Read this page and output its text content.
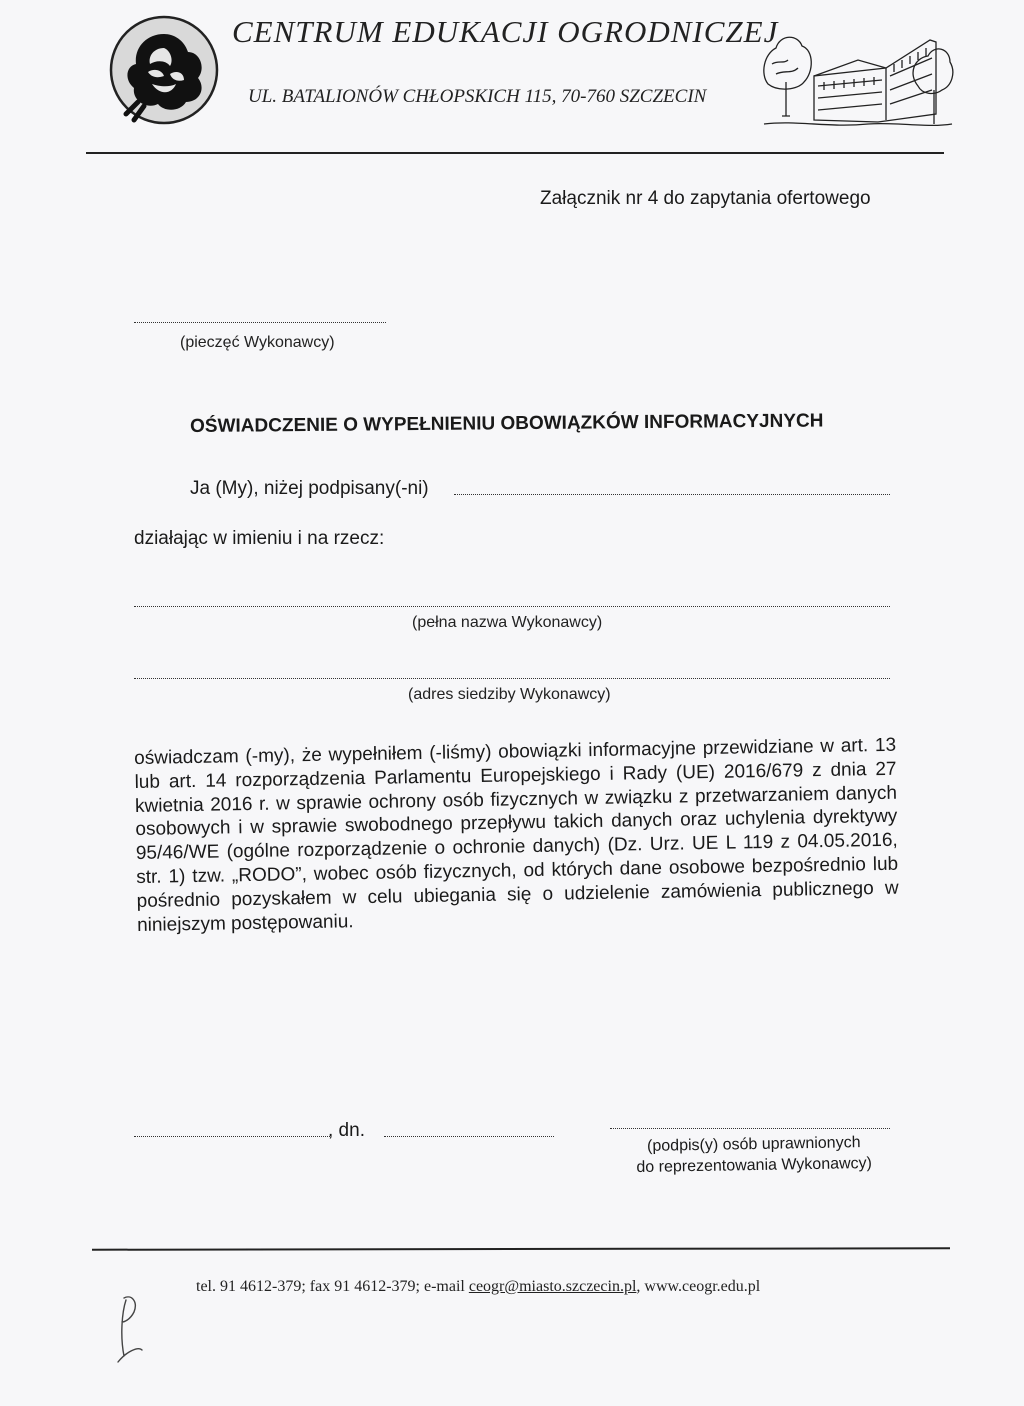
CENTRUM EDUKACJI OGRODNICZEJ
UL. BATALIONÓW CHŁOPSKICH 115, 70-760 SZCZECIN
Załącznik nr 4 do zapytania ofertowego
(pieczęć Wykonawcy)
OŚWIADCZENIE O WYPEŁNIENIU OBOWIĄZKÓW INFORMACYJNYCH
Ja (My), niżej podpisany(-ni)
działając w imieniu i na rzecz:
(pełna nazwa Wykonawcy)
(adres siedziby Wykonawcy)
oświadczam (-my), że wypełniłem (-liśmy) obowiązki informacyjne przewidziane w art. 13 lub art. 14 rozporządzenia Parlamentu Europejskiego i Rady (UE) 2016/679 z dnia 27 kwietnia 2016 r. w sprawie ochrony osób fizycznych w związku z przetwarzaniem danych osobowych i w sprawie swobodnego przepływu takich danych oraz uchylenia dyrektywy 95/46/WE (ogólne rozporządzenie o ochronie danych) (Dz. Urz. UE L 119 z 04.05.2016, str. 1) tzw. „RODO”, wobec osób fizycznych, od których dane osobowe bezpośrednio lub pośrednio pozyskałem w celu ubiegania się o udzielenie zamówienia publicznego w niniejszym postępowaniu.
, dn.
(podpis(y) osób uprawnionych
do reprezentowania Wykonawcy)
tel. 91 4612-379; fax 91 4612-379; e-mail ceogr@miasto.szczecin.pl, www.ceogr.edu.pl
